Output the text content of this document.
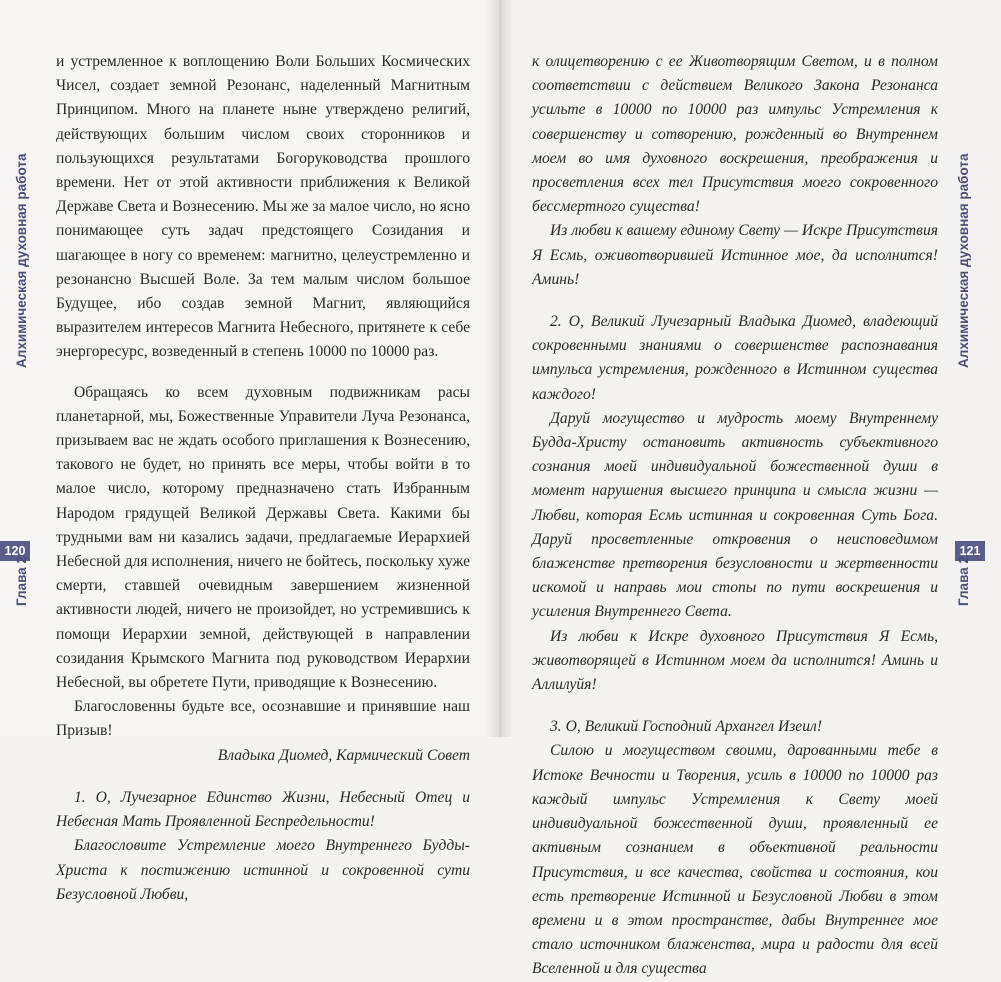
Алхимическая духовная работа
120
Глава 2
Алхимическая духовная работа
121
Глава 2

и устремленное к воплощению Воли Больших Космических Чисел, создает земной Резонанс, наделенный Магнитным Принципом. Много на планете ныне утверждено религий, действующих большим числом своих сторонников и пользующихся результатами Богоруководства прошлого времени. Нет от этой активности приближения к Великой Державе Света и Вознесению. Мы же за малое число, но ясно понимающее суть задач предстоящего Созидания и шагающее в ногу со временем: магнитно, целеустремленно и резонансно Высшей Воле. За тем малым числом большое Будущее, ибо создав земной Магнит, являющийся выразителем интересов Магнита Небесного, притянете к себе энергоресурс, возведенный в степень 10000 по 10000 раз.

Обращаясь ко всем духовным подвижникам расы планетарной, мы, Божественные Управители Луча Резонанса, призываем вас не ждать особого приглашения к Вознесению, такового не будет, но принять все меры, чтобы войти в то малое число, которому предназначено стать Избранным Народом грядущей Великой Державы Света. Какими бы трудными вам ни казались задачи, предлагаемые Иерархией Небесной для исполнения, ничего не бойтесь, поскольку хуже смерти, ставшей очевидным завершением жизненной активности людей, ничего не произойдет, но устремившись к помощи Иерархии земной, действующей в направлении созидания Крымского Магнита под руководством Иерархии Небесной, вы обретете Пути, приводящие к Вознесению.

Благословенны будьте все, осознавшие и принявшие наш Призыв!

Владыка Диомед, Кармический Совет

1. О, Лучезарное Единство Жизни, Небесный Отец и Небесная Мать Проявленной Беспредельности!

Благословите Устремление моего Внутреннего Будды-Христа к постижению истинной и сокровенной сути Безусловной Любви,

к олицетворению с ее Животворящим Светом, и в полном соответствии с действием Великого Закона Резонанса усильте в 10000 по 10000 раз импульс Устремления к совершенству и сотворению, рожденный во Внутреннем моем во имя духовного воскрешения, преображения и просветления всех тел Присутствия моего сокровенного бессмертного существа!

Из любви к вашему единому Свету — Искре Присутствия Я Есмь, оживотворившей Истинное мое, да исполнится! Аминь!

2. О, Великий Лучезарный Владыка Диомед, владеющий сокровенными знаниями о совершенстве распознавания импульса устремления, рожденного в Истинном существа каждого!

Даруй могущество и мудрость моему Внутреннему Будда-Христу остановить активность субъективного сознания моей индивидуальной божественной души в момент нарушения высшего принципа и смысла жизни — Любви, которая Есмь истинная и сокровенная Суть Бога. Даруй просветленные откровения о неисповедимом блаженстве претворения безусловности и жертвенности искомой и направь мои стопы по пути воскрешения и усиления Внутреннего Света.

Из любви к Искре духовного Присутствия Я Есмь, животворящей в Истинном моем да исполнится! Аминь и Аллилуйя!

3. О, Великий Господний Архангел Изеил!

Силою и могуществом своими, дарованными тебе в Истоке Вечности и Творения, усиль в 10000 по 10000 раз каждый импульс Устремления к Свету моей индивидуальной божественной души, проявленный ее активным сознанием в объективной реальности Присутствия, и все качества, свойства и состояния, кои есть претворение Истинной и Безусловной Любви в этом времени и в этом пространстве, дабы Внутреннее мое стало источником блаженства, мира и радости для всей Вселенной и для существа
